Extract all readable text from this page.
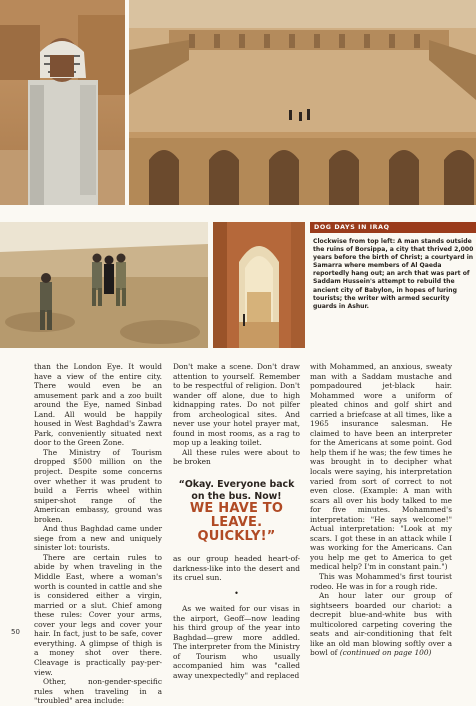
DOG DAYS IN IRAQ
Clockwise from top left: A man stands outside the ruins of Borsippa, a city that thrived 2,000 years before the birth of Christ; a courtyard in Samarra where members of Al Qaeda reportedly hang out; an arch that was part of Saddam Hussein's attempt to rebuild the ancient city of Babylon, in hopes of luring tourists; the writer with armed security guards in Ashur.

than the London Eye. It would have a view of the entire city. There would even be an amusement park and a zoo built around the Eye, named Sinbad Land. All would be happily housed in West Baghdad's Zawra Park, conveniently situated next door to the Green Zone.

The Ministry of Tourism dropped $500 million on the project. Despite some concerns over whether it was prudent to build a Ferris wheel within sniper-shot range of the American embassy, ground was broken.

And thus Baghdad came under siege from a new and uniquely sinister lot: tourists.

There are certain rules to abide by when traveling in the Middle East, where a woman's worth is counted in cattle and she is considered either a virgin, married or a slut. Chief among these rules: Cover your arms, cover your legs and cover your hair. In fact, just to be safe, cover everything. A glimpse of thigh is a money shot over there. Cleavage is practically pay-per-view.

Other, non-gender-specific rules when traveling in a "troubled" area include:

Don't make a scene. Don't draw attention to yourself. Remember to be respectful of religion. Don't wander off alone, due to high kidnapping rates. Do not pilfer from archeological sites. And never use your hotel prayer mat, found in most rooms, as a rag to mop up a leaking toilet.

All these rules were about to be broken

“Okay. Everyone back on the bus. Now!
WE HAVE TO LEAVE. QUICKLY!”

as our group headed heart-of-darkness-like into the desert and its cruel sun.

•

As we waited for our visas in the airport, Geoff—now leading his third group of the year into Baghdad—grew more addled. The interpreter from the Ministry of Tourism who usually accompanied him was "called away unexpectedly" and replaced

with Mohammed, an anxious, sweaty man with a Saddam mustache and pompadoured jet-black hair. Mohammed wore a uniform of pleated chinos and golf shirt and carried a briefcase at all times, like a 1965 insurance salesman. He claimed to have been an interpreter for the Americans at some point. God help them if he was; the few times he was brought in to decipher what locals were saying, his interpretation varied from sort of correct to not even close. (Example: A man with scars all over his body talked to me for five minutes. Mohammed's interpretation: "He says welcome!" Actual interpretation: "Look at my scars. I got these in an attack while I was working for the Americans. Can you help me get to America to get medical help? I'm in constant pain.")

This was Mohammed's first tourist rodeo. He was in for a rough ride.

An hour later our group of sightseers boarded our chariot: a decrepit blue-and-white bus with multicolored carpeting covering the seats and air-conditioning that felt like an old man blowing softly over a bowl of (continued on page 100)

50
